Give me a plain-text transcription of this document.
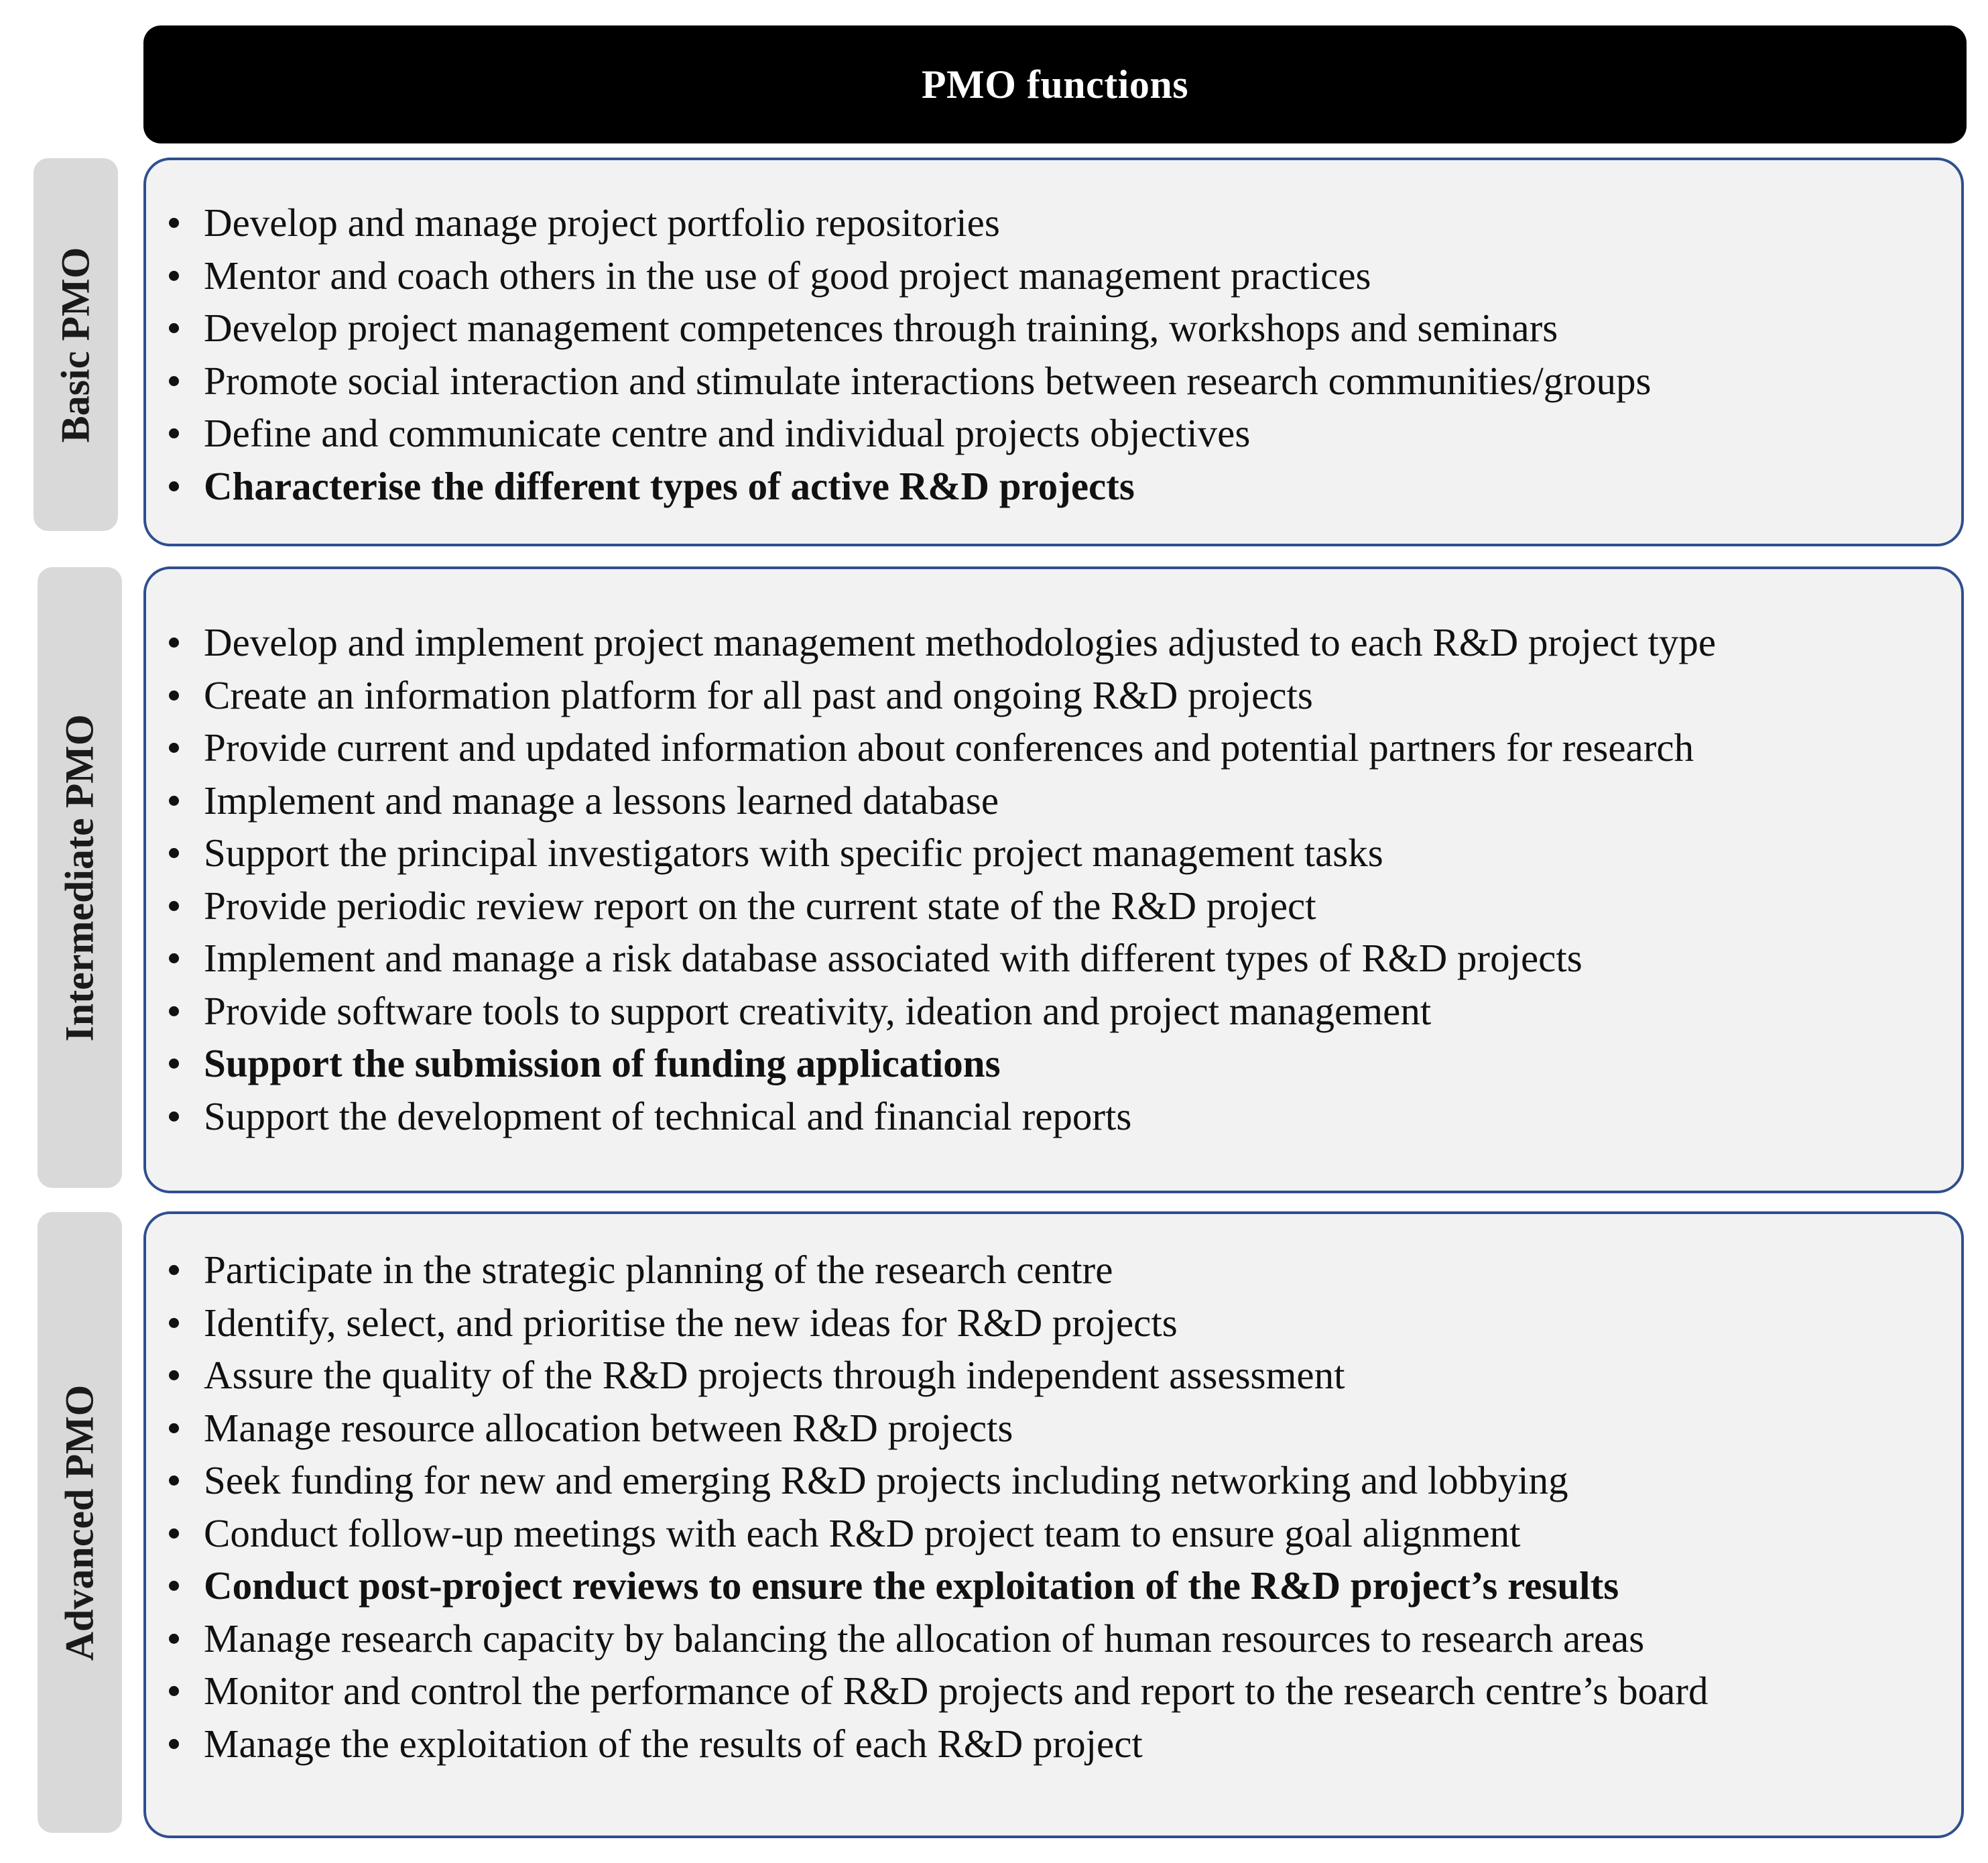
PMO functions
Basic PMO
Develop and manage project portfolio repositories
Mentor and coach others in the use of good project management practices
Develop project management competences through training, workshops and seminars
Promote social interaction and stimulate interactions between research communities/groups
Define and communicate centre and individual projects objectives
Characterise the different types of active R&D projects
Intermediate PMO
Develop and implement project management methodologies adjusted to each R&D project type
Create an information platform for all past and ongoing R&D projects
Provide current and updated information about conferences and potential partners for research
Implement and manage a lessons learned database
Support the principal investigators with specific project management tasks
Provide periodic review report on the current state of the R&D project
Implement and manage a risk database associated with different types of R&D projects
Provide software tools to support creativity, ideation and project management
Support the submission of funding applications
Support the development of technical and financial reports
Advanced PMO
Participate in the strategic planning of the research centre
Identify, select, and prioritise the new ideas for R&D projects
Assure the quality of the R&D projects through independent assessment
Manage resource allocation between R&D projects
Seek funding for new and emerging R&D projects including networking and lobbying
Conduct follow-up meetings with each R&D project team to ensure goal alignment
Conduct post-project reviews to ensure the exploitation of the R&D project’s results
Manage research capacity by balancing the allocation of human resources to research areas
Monitor and control the performance of R&D projects and report to the research centre’s board
Manage the exploitation of the results of each R&D project
